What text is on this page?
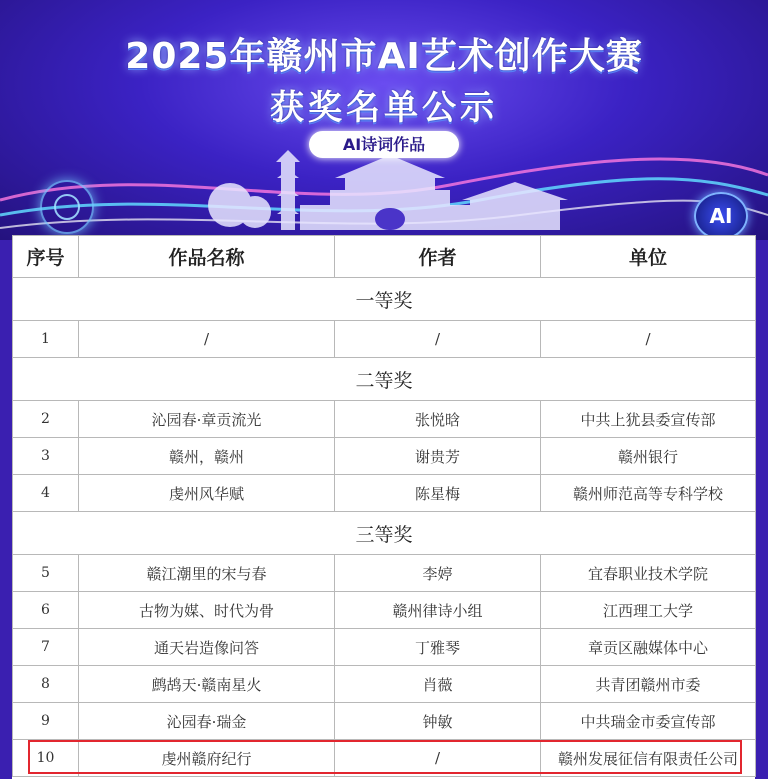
2025年赣州市AI艺术创作大赛
获奖名单公示
AI诗词作品
AI
序号	作品名称	作者	单位
一等奖			
1	/	/	/
二等奖			
2	沁园春·章贡流光	张悦晗	中共上犹县委宣传部
3	赣州，赣州	谢贵芳	赣州银行
4	虔州风华赋	陈星梅	赣州师范高等专科学校
三等奖			
5	赣江潮里的宋与春	李婷	宜春职业技术学院
6	古物为媒、时代为骨	赣州律诗小组	江西理工大学
7	通天岩造像问答	丁雅琴	章贡区融媒体中心
8	鹧鸪天·赣南星火	肖薇	共青团赣州市委
9	沁园春·瑞金	钟敏	中共瑞金市委宣传部
10	虔州赣府纪行	/	赣州发展征信有限责任公司
